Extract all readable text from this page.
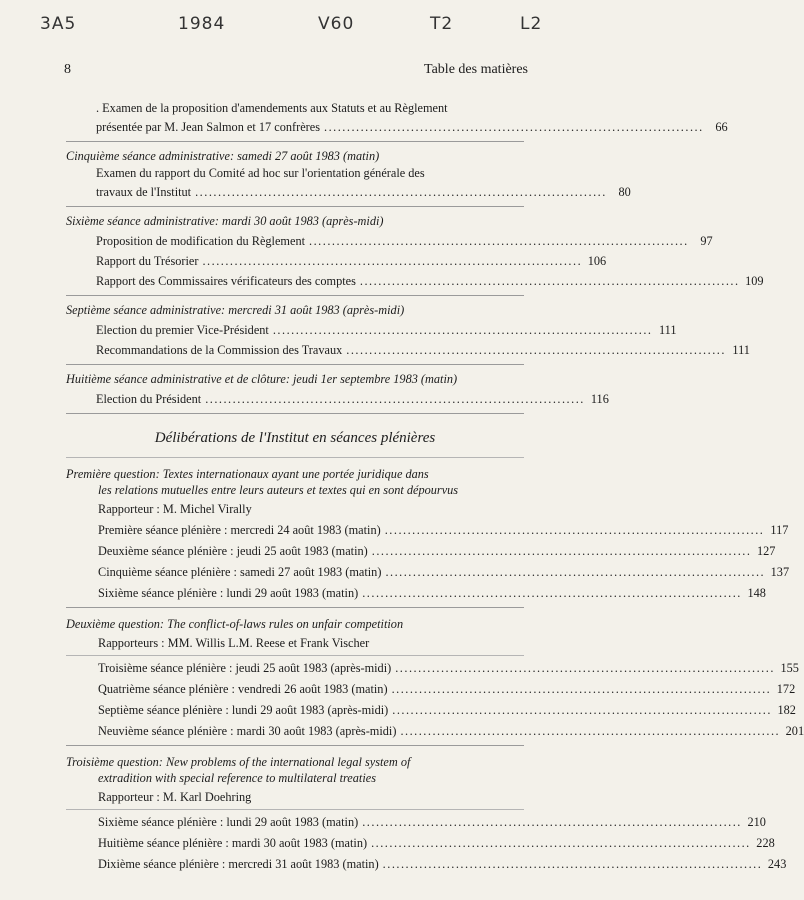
3A5	1984	V60	T2	L2
8	Table des matières
. Examen de la proposition d'amendements aux Statuts et au Règlement
présentée par M. Jean Salmon et 17 confrères ................................................................................... 66
Cinquième séance administrative: samedi 27 août 1983 (matin)
Examen du rapport du Comité ad hoc sur l'orientation générale des
travaux de l'Institut .......................................................................................... 80
Sixième séance administrative: mardi 30 août 1983 (après-midi)
Proposition de modification du Règlement ................................................................................... 97
Rapport du Trésorier ................................................................................... 106
Rapport des Commissaires vérificateurs des comptes ................................................................................... 109
Septième séance administrative: mercredi 31 août 1983 (après-midi)
Election du premier Vice-Président ................................................................................... 111
Recommandations de la Commission des Travaux ................................................................................... 111
Huitième séance administrative et de clôture: jeudi 1er septembre 1983 (matin)
Election du Président ................................................................................... 116
Délibérations de l'Institut en séances plénières
Première question: Textes internationaux ayant une portée juridique dans
les relations mutuelles entre leurs auteurs et textes qui en sont dépourvus
Rapporteur : M. Michel Virally
Première séance plénière : mercredi 24 août 1983 (matin) ................................................................................... 117
Deuxième séance plénière : jeudi 25 août 1983 (matin) ................................................................................... 127
Cinquième séance plénière : samedi 27 août 1983 (matin) ................................................................................... 137
Sixième séance plénière : lundi 29 août 1983 (matin) ................................................................................... 148
Deuxième question: The conflict-of-laws rules on unfair competition
Rapporteurs : MM. Willis L.M. Reese et Frank Vischer
Troisième séance plénière : jeudi 25 août 1983 (après-midi) ................................................................................... 155
Quatrième séance plénière : vendredi 26 août 1983 (matin) ................................................................................... 172
Septième séance plénière : lundi 29 août 1983 (après-midi) ................................................................................... 182
Neuvième séance plénière : mardi 30 août 1983 (après-midi) ................................................................................... 201
Troisième question: New problems of the international legal system of
extradition with special reference to multilateral treaties
Rapporteur : M. Karl Doehring
Sixième séance plénière : lundi 29 août 1983 (matin) ................................................................................... 210
Huitième séance plénière : mardi 30 août 1983 (matin) ................................................................................... 228
Dixième séance plénière : mercredi 31 août 1983 (matin) ................................................................................... 243
